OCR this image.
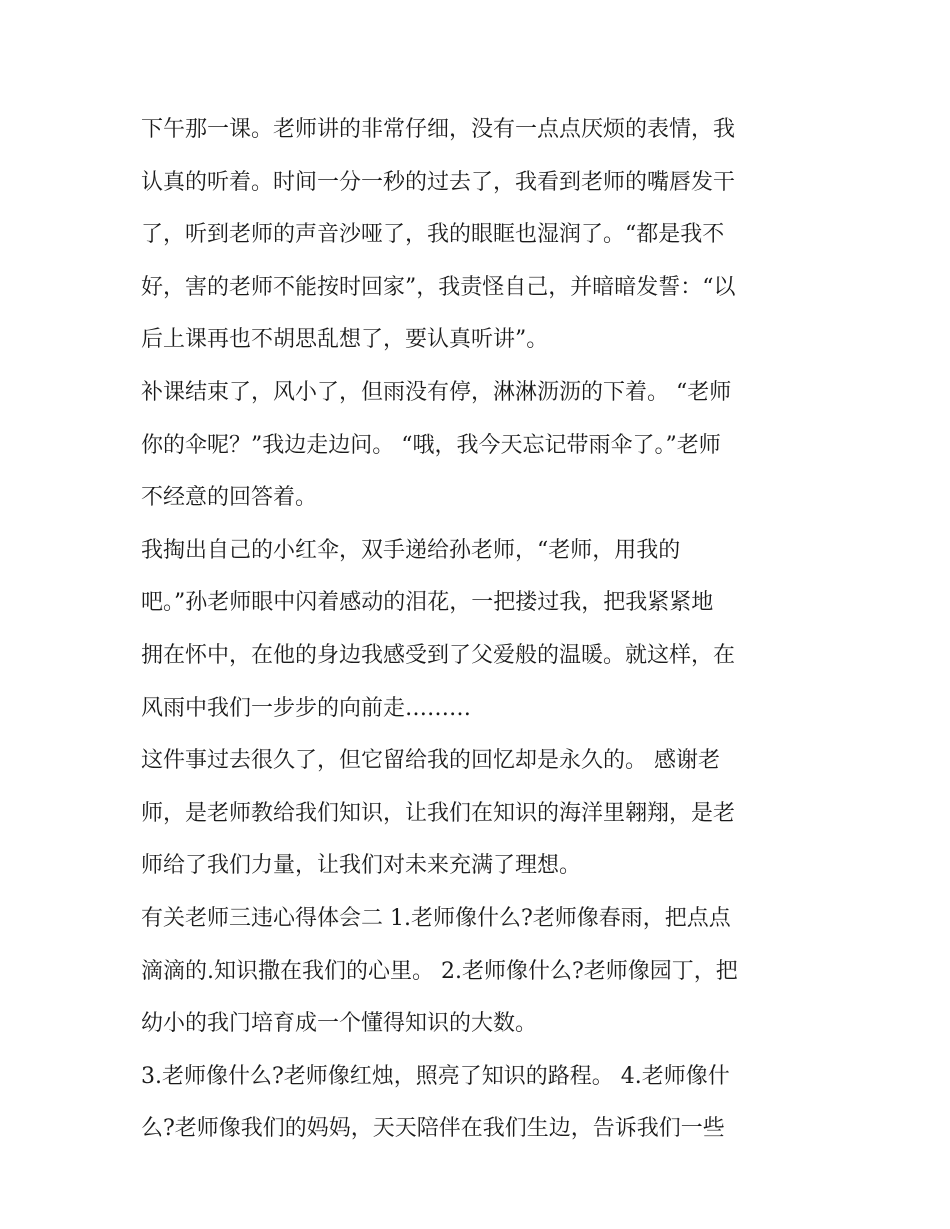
下午那一课。老师讲的非常仔细，没有一点点厌烦的表情，我
认真的听着。时间一分一秒的过去了，我看到老师的嘴唇发干
了，听到老师的声音沙哑了，我的眼眶也湿润了。“都是我不
好，害的老师不能按时回家”，我责怪自己，并暗暗发誓：“以
后上课再也不胡思乱想了，要认真听讲”。
补课结束了，风小了，但雨没有停，淋淋沥沥的下着。 “老师
你的伞呢？”我边走边问。 “哦，我今天忘记带雨伞了。”老师
不经意的回答着。
我掏出自己的小红伞，双手递给孙老师，“老师，用我的
吧。”孙老师眼中闪着感动的泪花，一把搂过我，把我紧紧地
拥在怀中，在他的身边我感受到了父爱般的温暖。就这样，在
风雨中我们一步步的向前走………
这件事过去很久了，但它留给我的回忆却是永久的。 感谢老
师，是老师教给我们知识，让我们在知识的海洋里翱翔，是老
师给了我们力量，让我们对未来充满了理想。
有关老师三违心得体会二 1.老师像什么?老师像春雨，把点点
滴滴的.知识撒在我们的心里。 2.老师像什么?老师像园丁，把
幼小的我门培育成一个懂得知识的大数。
3.老师像什么?老师像红烛，照亮了知识的路程。 4.老师像什
么?老师像我们的妈妈，天天陪伴在我们生边，告诉我们一些
